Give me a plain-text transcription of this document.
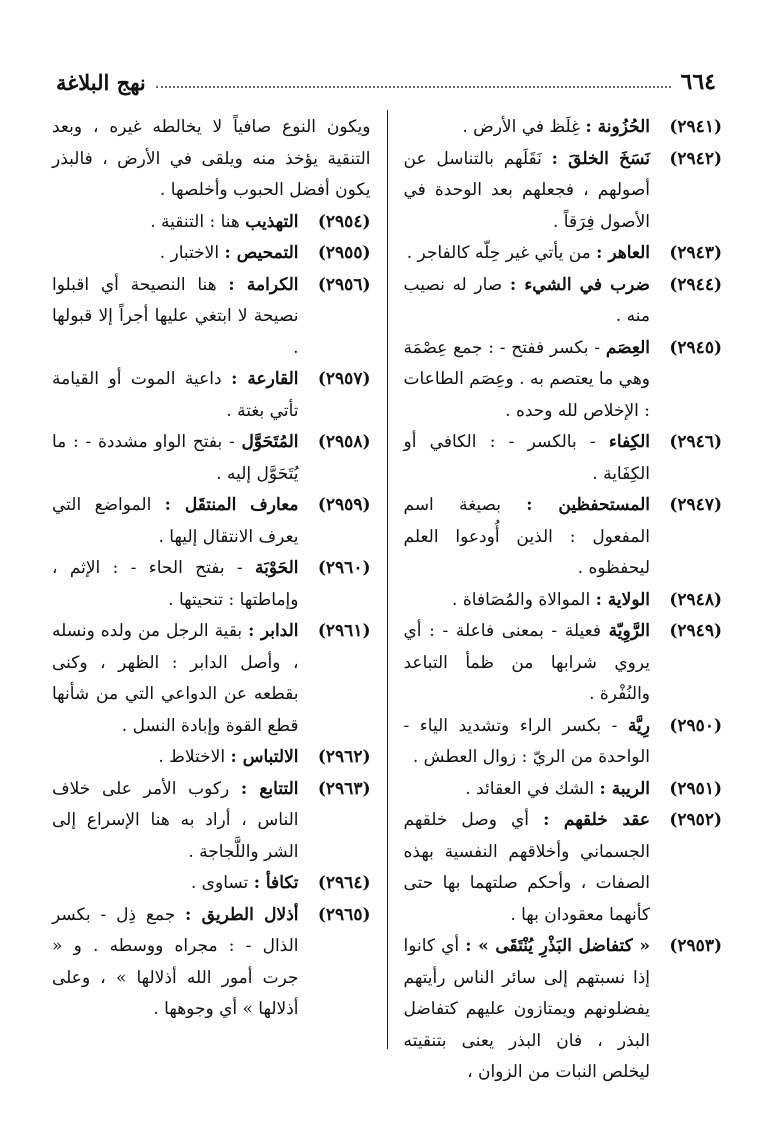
٦٦٤
نهج البلاغة
(٢٩٤١)
الحُزُونة : غِلَظ في الأرض .
(٢٩٤٢)
نَسَخَ الخلقَ : نَقَلَهم بالتناسل عن أصولهم ، فجعلهم بعد الوحدة في الأصول فِرَقاً .
(٢٩٤٣)
العاهر : من يأتي غير حِلّه كالفاجر .
(٢٩٤٤)
ضرب في الشيء : صار له نصيب منه .
(٢٩٤٥)
العِصَم - بكسر ففتح - : جمع عِصْمَة وهي ما يعتصم به . وعِصَم الطاعات : الإخلاص لله وحده .
(٢٩٤٦)
الكِفاء - بالكسر - : الكافي أو الكِفَاية .
(٢٩٤٧)
المستحفظين : بصيغة اسم المفعول : الذين أُودعوا العلم ليحفظوه .
(٢٩٤٨)
الولاية : الموالاة والمُصَافاة .
(٢٩٤٩)
الرَّوِيّة فعيلة - بمعنى فاعلة - : أي يروي شرابها من ظمأ التباعد والنُفْرة .
(٢٩٥٠)
رِيَّة - بكسر الراء وتشديد الياء - الواحدة من الريّ : زوال العطش .
(٢٩٥١)
الريبة : الشك في العقائد .
(٢٩٥٢)
عقد خلقهم : أي وصل خلقهم الجسماني وأخلاقهم النفسية بهذه الصفات ، وأحكم صلتهما بها حتى كأنهما معقودان بها .
(٢٩٥٣)
« كتفاضل البَذْرِ يُنْتَقَى » : أي كانوا إذا نسبتهم إلى سائر الناس رأيتهم يفضلونهم ويمتازون عليهم كتفاضل البذر ، فان البذر يعنى بتنقيته ليخلص النبات من الزوان ،
ويكون النوع صافياً لا يخالطه غيره ، وبعد التنقية يؤخذ منه ويلقى في الأرض ، فالبذر يكون أفضل الحبوب وأخلصها .
(٢٩٥٤)
التهذيب هنا : التنقية .
(٢٩٥٥)
التمحيص : الاختبار .
(٢٩٥٦)
الكرامة : هنا النصيحة أي اقبلوا نصيحة لا ابتغي عليها أجراً إلا قبولها .
(٢٩٥٧)
القارعة : داعية الموت أو القيامة تأتي بغتة .
(٢٩٥٨)
المُتَحَوَّل - بفتح الواو مشددة - : ما يُتَحَوَّل إليه .
(٢٩٥٩)
معارف المنتقَل : المواضع التي يعرف الانتقال إليها .
(٢٩٦٠)
الحَوْبَة - بفتح الحاء - : الإثم ، وإماطتها : تنحيتها .
(٢٩٦١)
الدابر : بقية الرجل من ولده ونسله ، وأصل الدابر : الظهر ، وكنى بقطعه عن الدواعي التي من شأنها قطع القوة وإبادة النسل .
(٢٩٦٢)
الالتباس : الاختلاط .
(٢٩٦٣)
التتابع : ركوب الأمر على خلاف الناس ، أراد به هنا الإسراع إلى الشر واللَّجاجة .
(٢٩٦٤)
تكافأ : تساوى .
(٢٩٦٥)
أذلال الطريق : جمع ذِل - بكسر الذال - : مجراه ووسطه . و « جرت أمور الله أذلالها » ، وعلى أذلالها » أي وجوهها .
